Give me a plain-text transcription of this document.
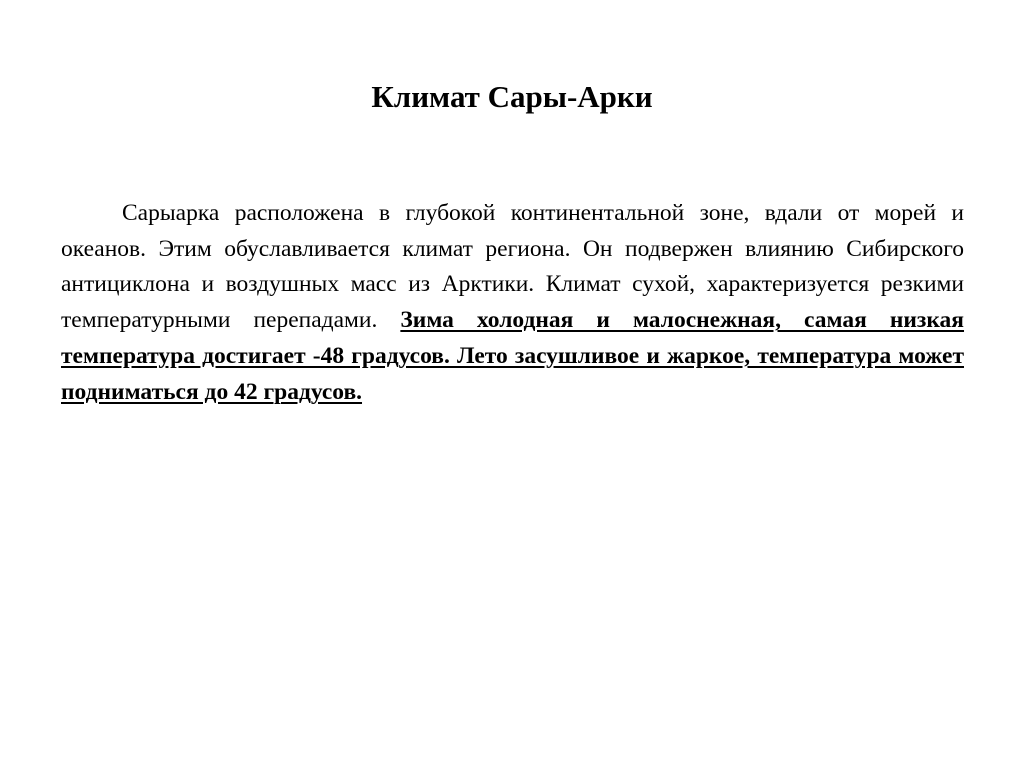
Климат Сары-Арки

Сарыарка расположена в глубокой континентальной зоне, вдали от морей и океанов. Этим обуславливается климат региона. Он подвержен влиянию Сибирского антициклона и воздушных масс из Арктики. Климат сухой, характеризуется резкими температурными перепадами. Зима холодная и малоснежная, самая низкая температура достигает -48 градусов. Лето засушливое и жаркое, температура может подниматься до 42 градусов.
